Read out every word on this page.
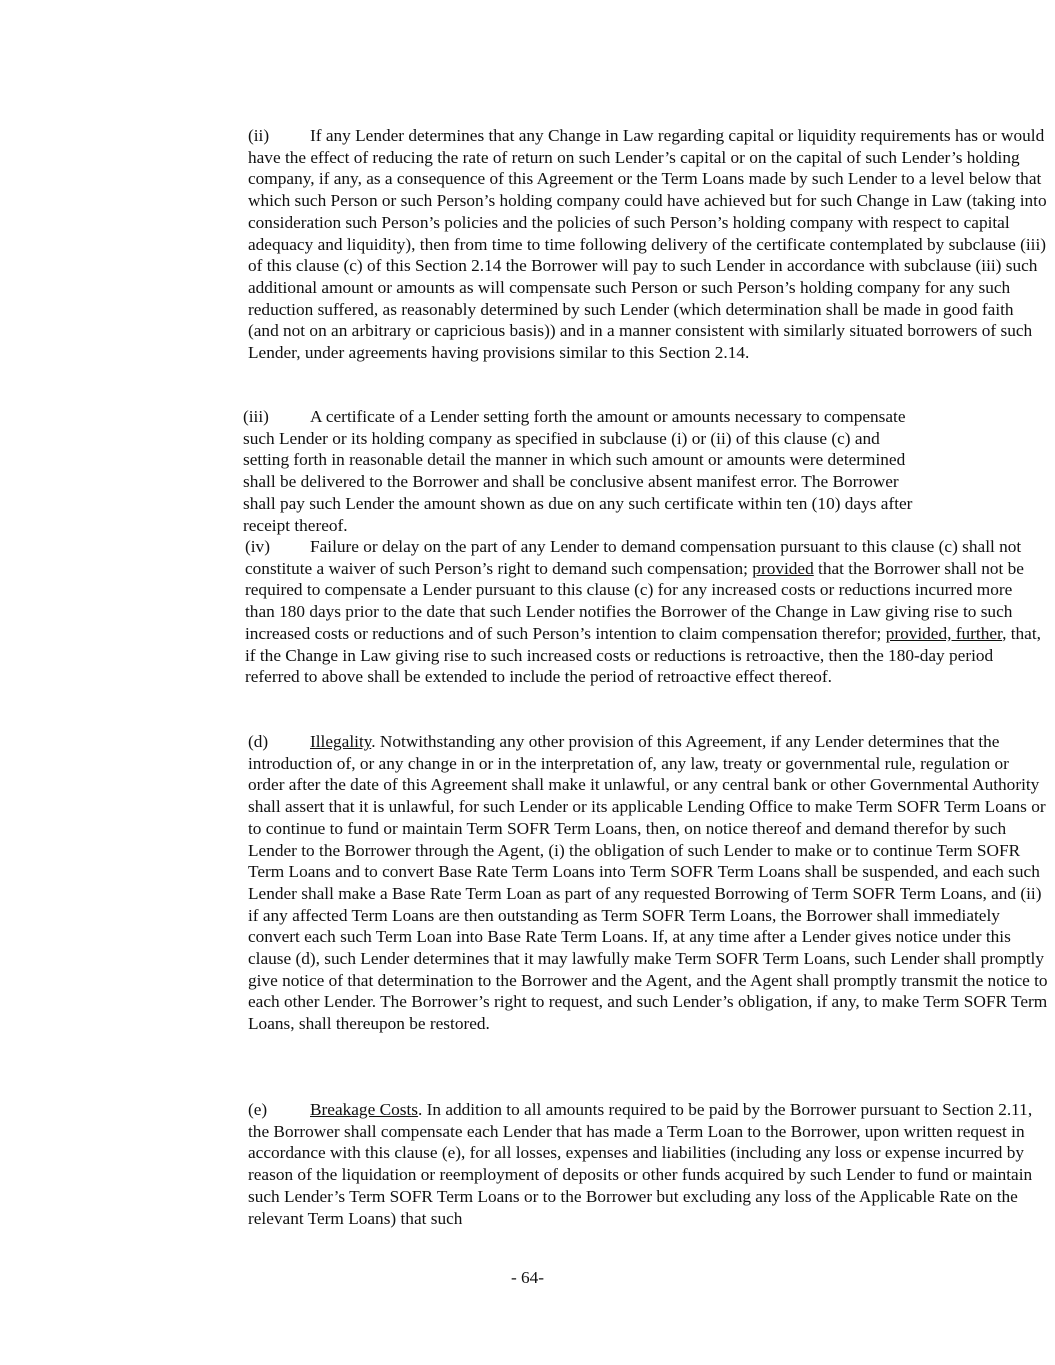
(ii) If any Lender determines that any Change in Law regarding capital or liquidity requirements has or would have the effect of reducing the rate of return on such Lender’s capital or on the capital of such Lender’s holding company, if any, as a consequence of this Agreement or the Term Loans made by such Lender to a level below that which such Person or such Person’s holding company could have achieved but for such Change in Law (taking into consideration such Person’s policies and the policies of such Person’s holding company with respect to capital adequacy and liquidity), then from time to time following delivery of the certificate contemplated by subclause (iii) of this clause (c) of this Section 2.14 the Borrower will pay to such Lender in accordance with subclause (iii) such additional amount or amounts as will compensate such Person or such Person’s holding company for any such reduction suffered, as reasonably determined by such Lender (which determination shall be made in good faith (and not on an arbitrary or capricious basis)) and in a manner consistent with similarly situated borrowers of such Lender, under agreements having provisions similar to this Section 2.14.

(iii) A certificate of a Lender setting forth the amount or amounts necessary to compensate such Lender or its holding company as specified in subclause (i) or (ii) of this clause (c) and setting forth in reasonable detail the manner in which such amount or amounts were determined shall be delivered to the Borrower and shall be conclusive absent manifest error. The Borrower shall pay such Lender the amount shown as due on any such certificate within ten (10) days after receipt thereof.

(iv) Failure or delay on the part of any Lender to demand compensation pursuant to this clause (c) shall not constitute a waiver of such Person’s right to demand such compensation; provided that the Borrower shall not be required to compensate a Lender pursuant to this clause (c) for any increased costs or reductions incurred more than 180 days prior to the date that such Lender notifies the Borrower of the Change in Law giving rise to such increased costs or reductions and of such Person’s intention to claim compensation therefor; provided, further, that, if the Change in Law giving rise to such increased costs or reductions is retroactive, then the 180-day period referred to above shall be extended to include the period of retroactive effect thereof.

(d) Illegality. Notwithstanding any other provision of this Agreement, if any Lender determines that the introduction of, or any change in or in the interpretation of, any law, treaty or governmental rule, regulation or order after the date of this Agreement shall make it unlawful, or any central bank or other Governmental Authority shall assert that it is unlawful, for such Lender or its applicable Lending Office to make Term SOFR Term Loans or to continue to fund or maintain Term SOFR Term Loans, then, on notice thereof and demand therefor by such Lender to the Borrower through the Agent, (i) the obligation of such Lender to make or to continue Term SOFR Term Loans and to convert Base Rate Term Loans into Term SOFR Term Loans shall be suspended, and each such Lender shall make a Base Rate Term Loan as part of any requested Borrowing of Term SOFR Term Loans, and (ii) if any affected Term Loans are then outstanding as Term SOFR Term Loans, the Borrower shall immediately convert each such Term Loan into Base Rate Term Loans. If, at any time after a Lender gives notice under this clause (d), such Lender determines that it may lawfully make Term SOFR Term Loans, such Lender shall promptly give notice of that determination to the Borrower and the Agent, and the Agent shall promptly transmit the notice to each other Lender. The Borrower’s right to request, and such Lender’s obligation, if any, to make Term SOFR Term Loans, shall thereupon be restored.

(e) Breakage Costs. In addition to all amounts required to be paid by the Borrower pursuant to Section 2.11, the Borrower shall compensate each Lender that has made a Term Loan to the Borrower, upon written request in accordance with this clause (e), for all losses, expenses and liabilities (including any loss or expense incurred by reason of the liquidation or reemployment of deposits or other funds acquired by such Lender to fund or maintain such Lender’s Term SOFR Term Loans or to the Borrower but excluding any loss of the Applicable Rate on the relevant Term Loans) that such

- 64-
